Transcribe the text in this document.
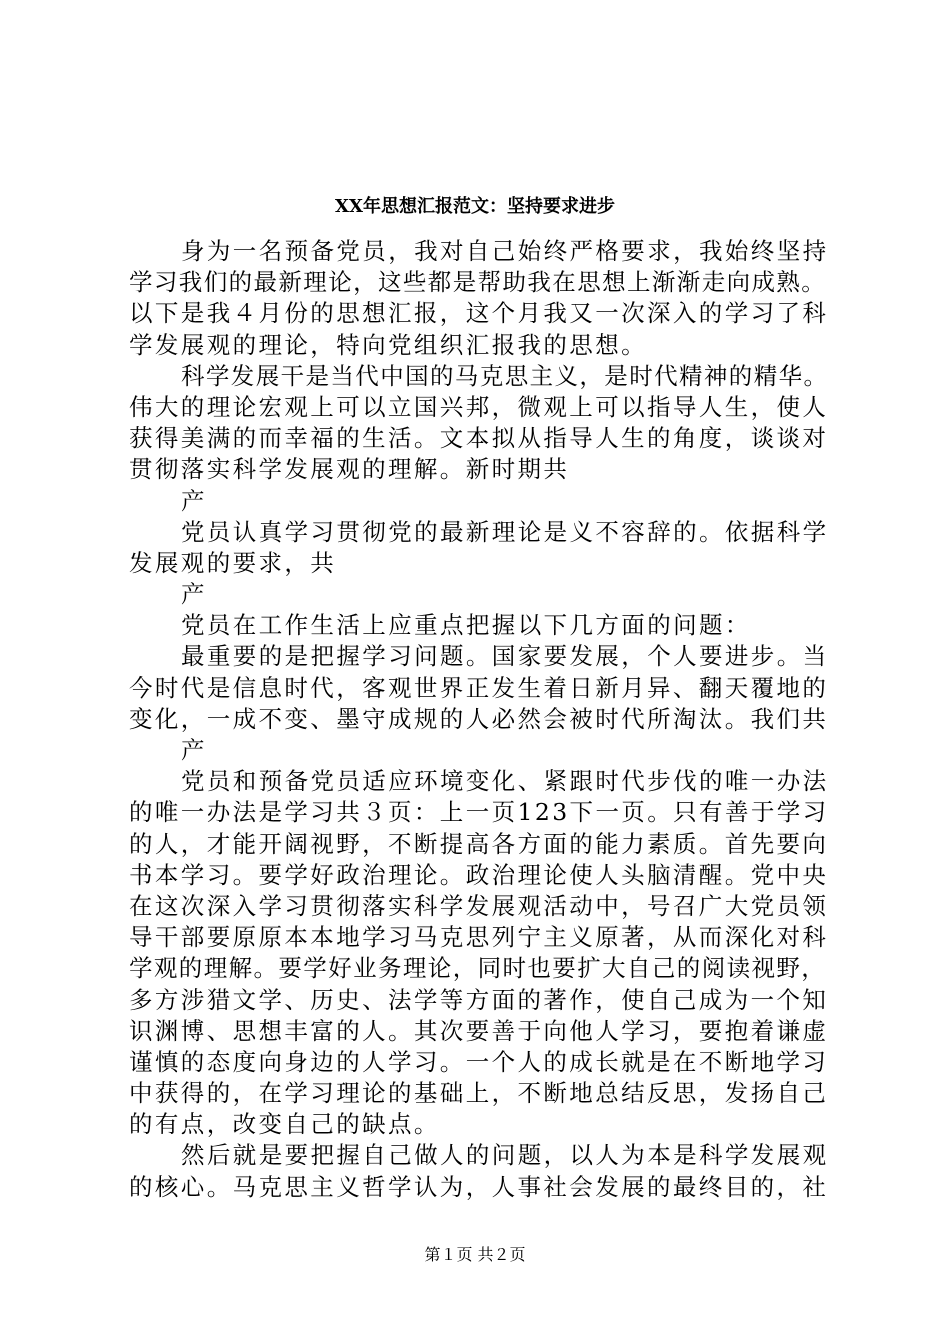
XX年思想汇报范文：坚持要求进步
身为一名预备党员，我对自己始终严格要求，我始终坚持
学习我们的最新理论，这些都是帮助我在思想上渐渐走向成熟。
以下是我４月份的思想汇报，这个月我又一次深入的学习了科
学发展观的理论，特向党组织汇报我的思想。
科学发展干是当代中国的马克思主义，是时代精神的精华。
伟大的理论宏观上可以立国兴邦，微观上可以指导人生，使人
获得美满的而幸福的生活。文本拟从指导人生的角度，谈谈对
贯彻落实科学发展观的理解。新时期共
产
党员认真学习贯彻党的最新理论是义不容辞的。依据科学
发展观的要求，共
产
党员在工作生活上应重点把握以下几方面的问题：
最重要的是把握学习问题。国家要发展，个人要进步。当
今时代是信息时代，客观世界正发生着日新月异、翻天覆地的
变化，一成不变、墨守成规的人必然会被时代所淘汰。我们共
产
党员和预备党员适应环境变化、紧跟时代步伐的唯一办法
的唯一办法是学习共３页：上一页123下一页。只有善于学习
的人，才能开阔视野，不断提高各方面的能力素质。首先要向
书本学习。要学好政治理论。政治理论使人头脑清醒。党中央
在这次深入学习贯彻落实科学发展观活动中，号召广大党员领
导干部要原原本本地学习马克思列宁主义原著，从而深化对科
学观的理解。要学好业务理论，同时也要扩大自己的阅读视野，
多方涉猎文学、历史、法学等方面的著作，使自己成为一个知
识渊博、思想丰富的人。其次要善于向他人学习，要抱着谦虚
谨慎的态度向身边的人学习。一个人的成长就是在不断地学习
中获得的，在学习理论的基础上，不断地总结反思，发扬自己
的有点，改变自己的缺点。
然后就是要把握自己做人的问题，以人为本是科学发展观
的核心。马克思主义哲学认为，人事社会发展的最终目的，社
第１页 共２页
